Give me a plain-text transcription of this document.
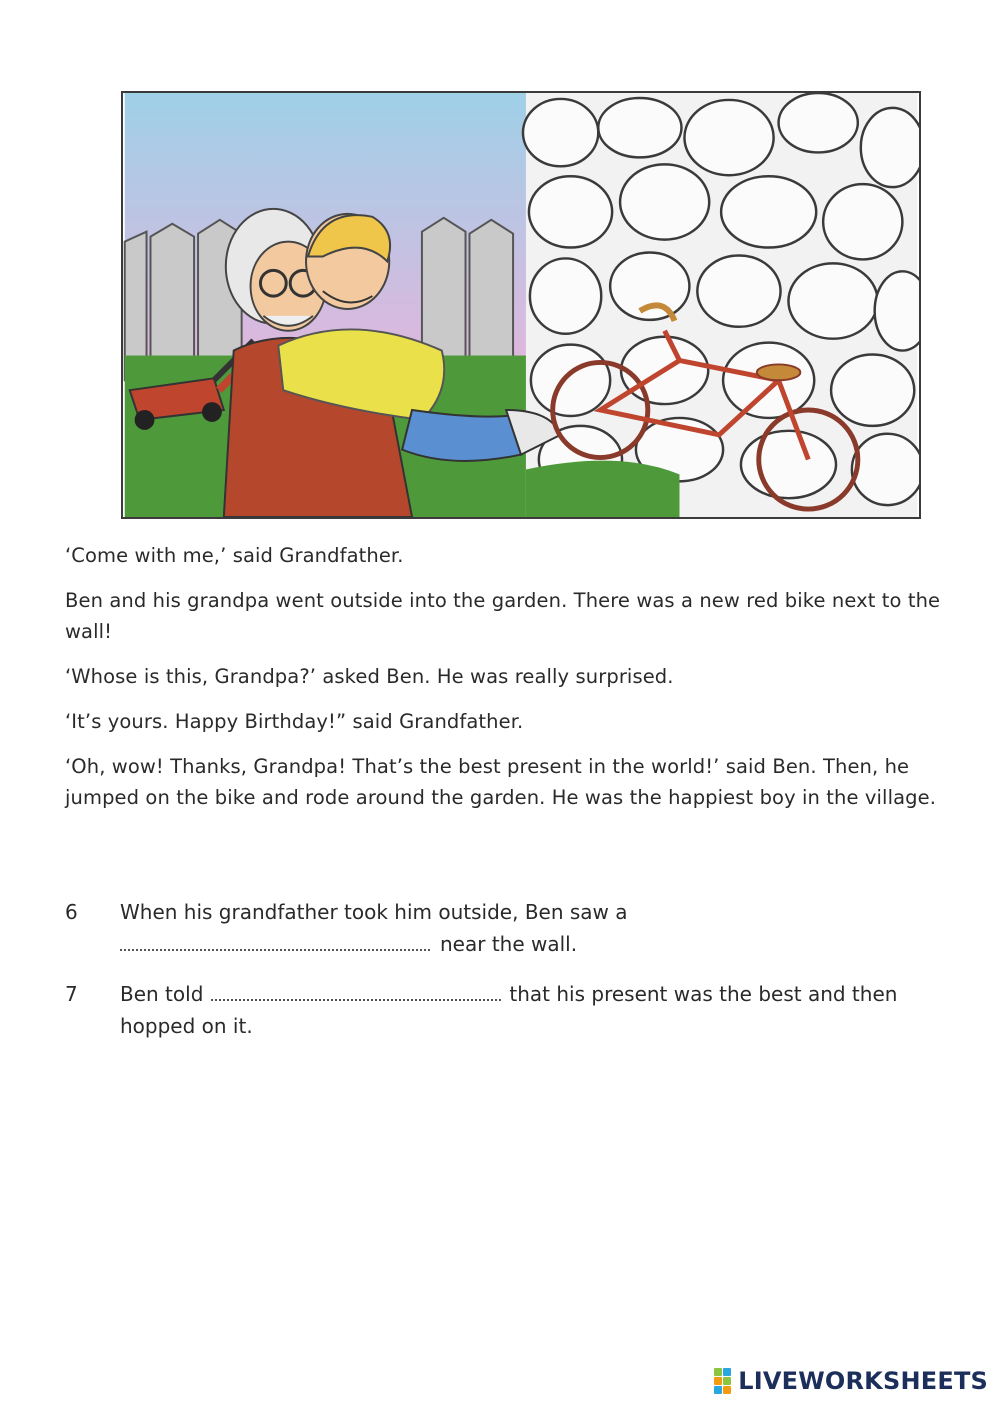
‘Come with me,’ said Grandfather.

Ben and his grandpa went outside into the garden. There was a new red bike next to the wall!

‘Whose is this, Grandpa?’ asked Ben. He was really surprised.

‘It’s yours. Happy Birthday!” said Grandfather.

‘Oh, wow! Thanks, Grandpa! That’s the best present in the world!’ said Ben. Then, he jumped on the bike and rode around the garden. He was the happiest boy in the village.

6	When his grandfather took him outside, Ben saw a
near the wall.
7	Ben told	that his present was the best and then hopped on it.
LIVEWORKSHEETS
